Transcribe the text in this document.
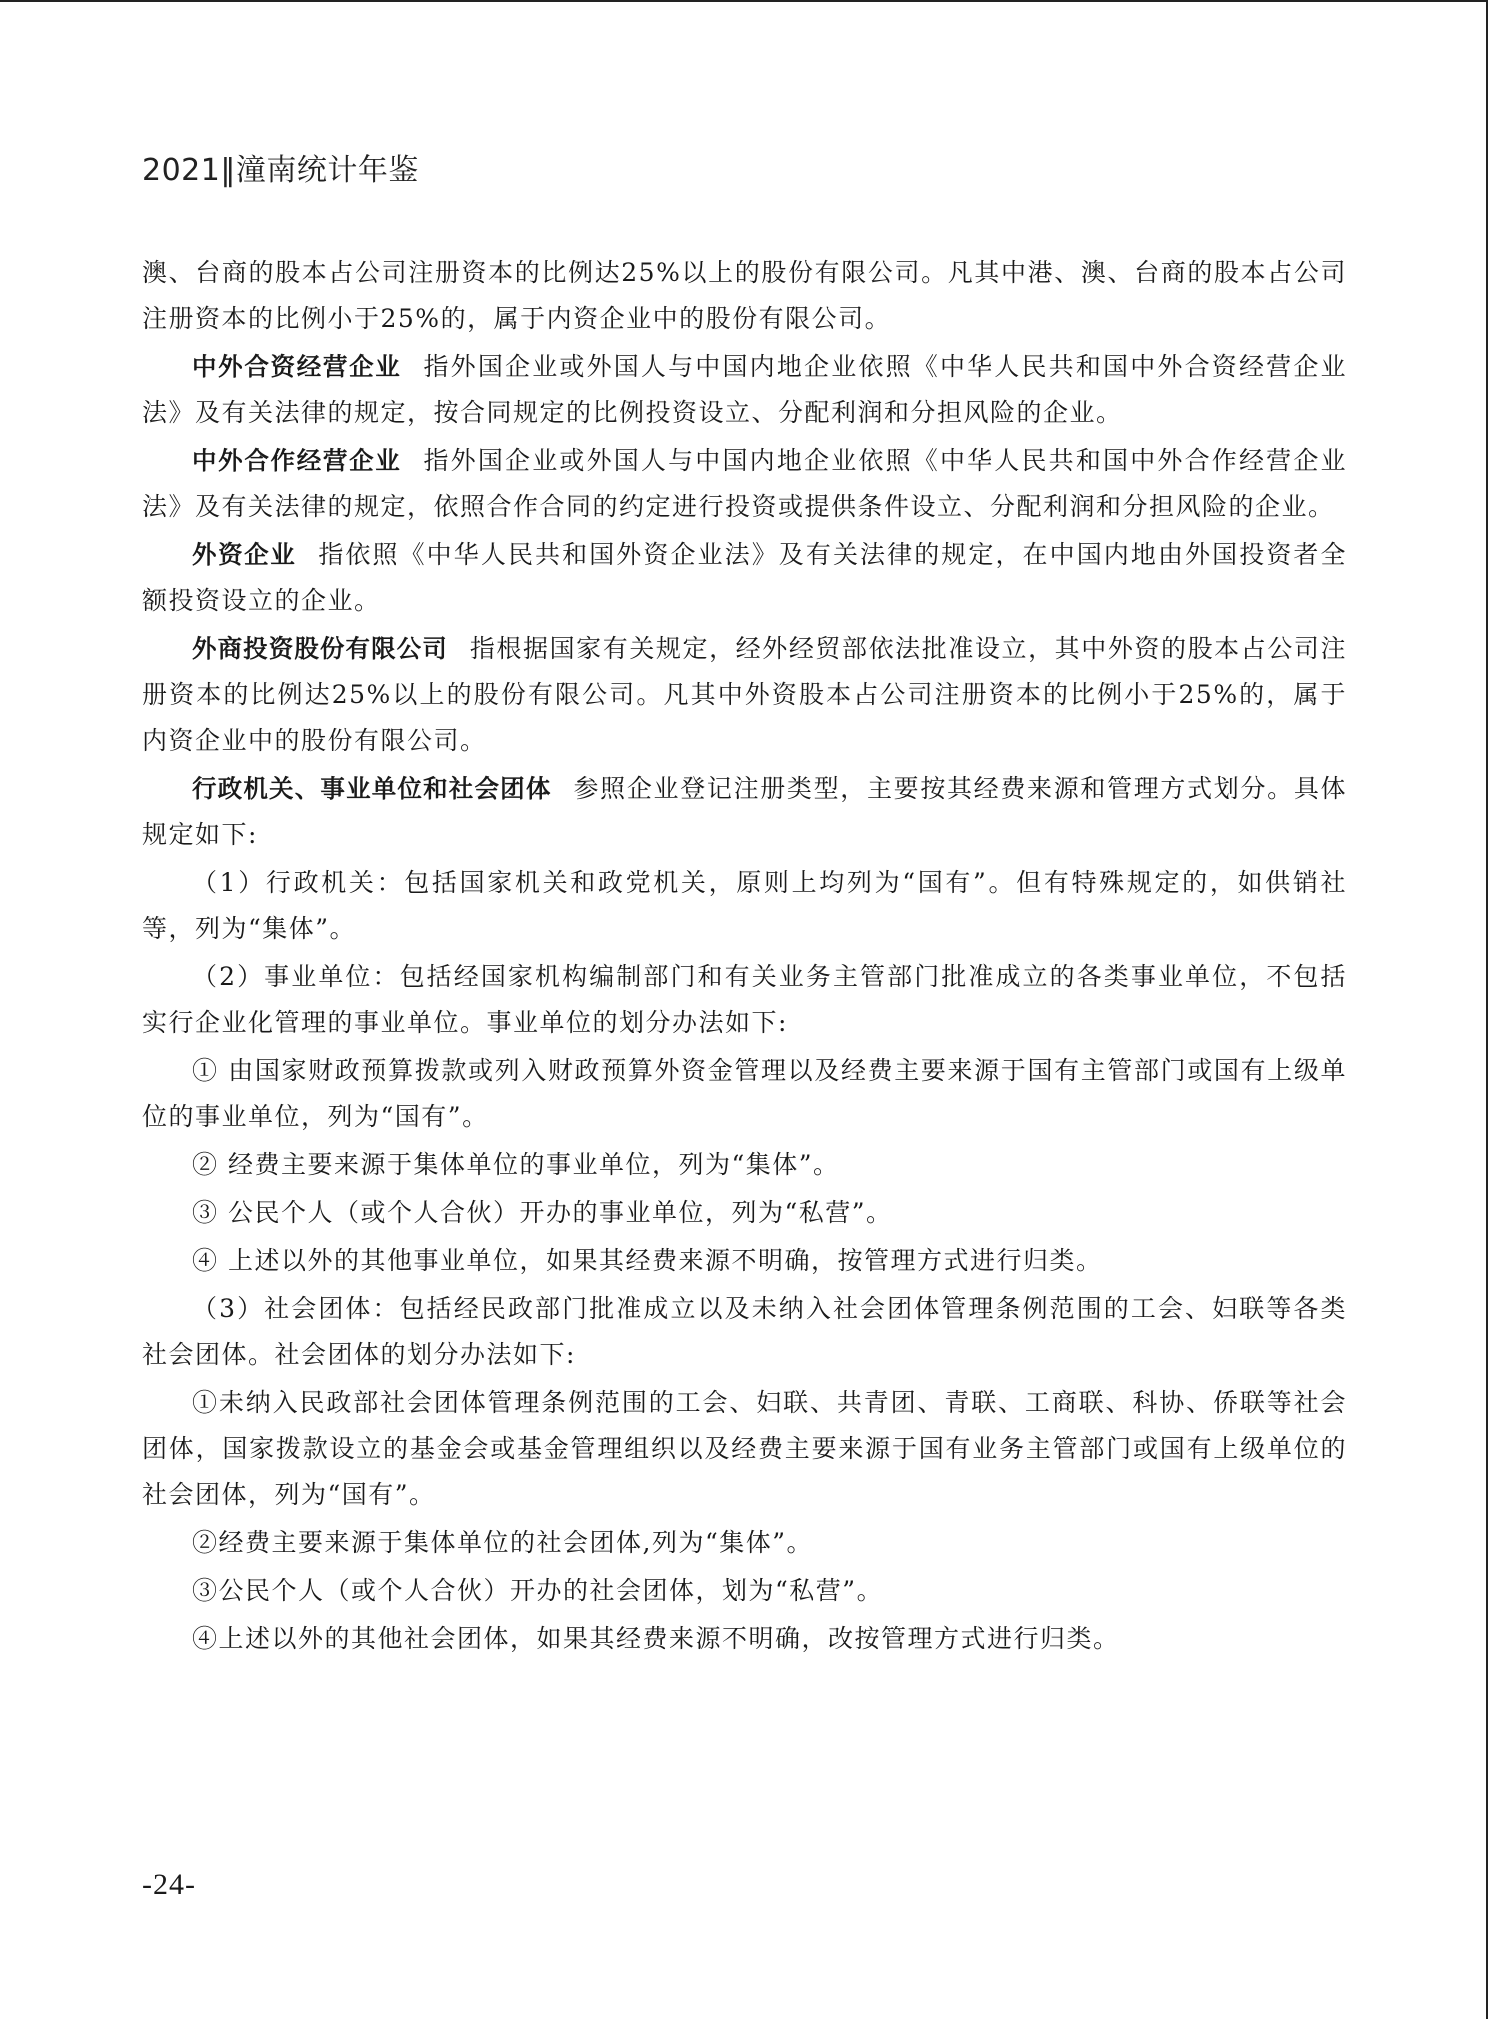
2021‖潼南统计年鉴

澳、台商的股本占公司注册资本的比例达25%以上的股份有限公司。凡其中港、澳、台商的股本占公司注册资本的比例小于25%的，属于内资企业中的股份有限公司。

中外合资经营企业 指外国企业或外国人与中国内地企业依照《中华人民共和国中外合资经营企业法》及有关法律的规定，按合同规定的比例投资设立、分配利润和分担风险的企业。

中外合作经营企业 指外国企业或外国人与中国内地企业依照《中华人民共和国中外合作经营企业法》及有关法律的规定，依照合作合同的约定进行投资或提供条件设立、分配利润和分担风险的企业。

外资企业 指依照《中华人民共和国外资企业法》及有关法律的规定，在中国内地由外国投资者全额投资设立的企业。

外商投资股份有限公司 指根据国家有关规定，经外经贸部依法批准设立，其中外资的股本占公司注册资本的比例达25%以上的股份有限公司。凡其中外资股本占公司注册资本的比例小于25%的，属于内资企业中的股份有限公司。

行政机关、事业单位和社会团体 参照企业登记注册类型，主要按其经费来源和管理方式划分。具体规定如下:

（1）行政机关：包括国家机关和政党机关，原则上均列为“国有”。但有特殊规定的，如供销社等，列为“集体”。

（2）事业单位：包括经国家机构编制部门和有关业务主管部门批准成立的各类事业单位，不包括实行企业化管理的事业单位。事业单位的划分办法如下:

① 由国家财政预算拨款或列入财政预算外资金管理以及经费主要来源于国有主管部门或国有上级单位的事业单位，列为“国有”。

② 经费主要来源于集体单位的事业单位，列为“集体”。

③ 公民个人（或个人合伙）开办的事业单位，列为“私营”。

④ 上述以外的其他事业单位，如果其经费来源不明确，按管理方式进行归类。

（3）社会团体：包括经民政部门批准成立以及未纳入社会团体管理条例范围的工会、妇联等各类社会团体。社会团体的划分办法如下:

①未纳入民政部社会团体管理条例范围的工会、妇联、共青团、青联、工商联、科协、侨联等社会团体，国家拨款设立的基金会或基金管理组织以及经费主要来源于国有业务主管部门或国有上级单位的社会团体，列为“国有”。

②经费主要来源于集体单位的社会团体,列为“集体”。

③公民个人（或个人合伙）开办的社会团体，划为“私营”。

④上述以外的其他社会团体，如果其经费来源不明确，改按管理方式进行归类。

-24-
